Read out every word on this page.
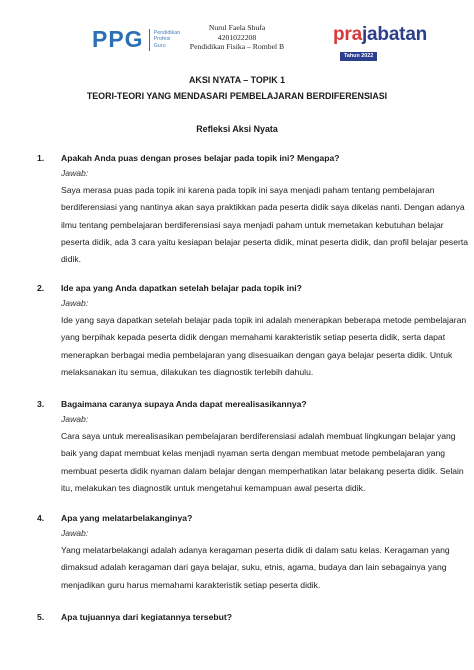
PPG Pendidikan
Profesi
Guru
Nurul Faela Shufa
4201022208
Pendidikan Fisika – Rombel B
prajabatan
Tahun 2022
AKSI NYATA – TOPIK 1
TEORI-TEORI YANG MENDASARI PEMBELAJARAN BERDIFERENSIASI
Refleksi Aksi Nyata
1.	Apakah Anda puas dengan proses belajar pada topik ini? Mengapa?
Jawab:
Saya merasa puas pada topik ini karena pada topik ini saya menjadi paham tentang pembelajaran
berdiferensiasi yang nantinya akan saya praktikkan pada peserta didik saya dikelas nanti. Dengan adanya
ilmu tentang pembelajaran berdiferensiasi saya menjadi paham untuk memetakan kebutuhan belajar
peserta didik, ada 3 cara yaitu kesiapan belajar peserta didik, minat peserta didik, dan profil belajar peserta
didik.
2.	Ide apa yang Anda dapatkan setelah belajar pada topik ini?
Jawab:
Ide yang saya dapatkan setelah belajar pada topik ini adalah menerapkan beberapa metode pembelajaran
yang berpihak kepada peserta didik dengan memahami karakteristik setiap peserta didik, serta dapat
menerapkan berbagai media pembelajaran yang disesuaikan dengan gaya belajar peserta didik. Untuk
melaksanakan itu semua, dilakukan tes diagnostik terlebih dahulu.
3.	Bagaimana caranya supaya Anda dapat merealisasikannya?
Jawab:
Cara saya untuk merealisasikan pembelajaran berdiferensiasi adalah membuat lingkungan belajar yang
baik yang dapat membuat kelas menjadi nyaman serta dengan membuat metode pembelajaran yang
membuat peserta didik nyaman dalam belajar dengan memperhatikan latar belakang peserta didik. Selain
itu, melakukan tes diagnostik untuk mengetahui kemampuan awal peserta didik.
4.	Apa yang melatarbelakanginya?
Jawab:
Yang melatarbelakangi adalah adanya keragaman peserta didik di dalam satu kelas. Keragaman yang
dimaksud adalah keragaman dari gaya belajar, suku, etnis, agama, budaya dan lain sebagainya yang
menjadikan guru harus memahami karakteristik setiap peserta didik.
5.	Apa tujuannya dari kegiatannya tersebut?
